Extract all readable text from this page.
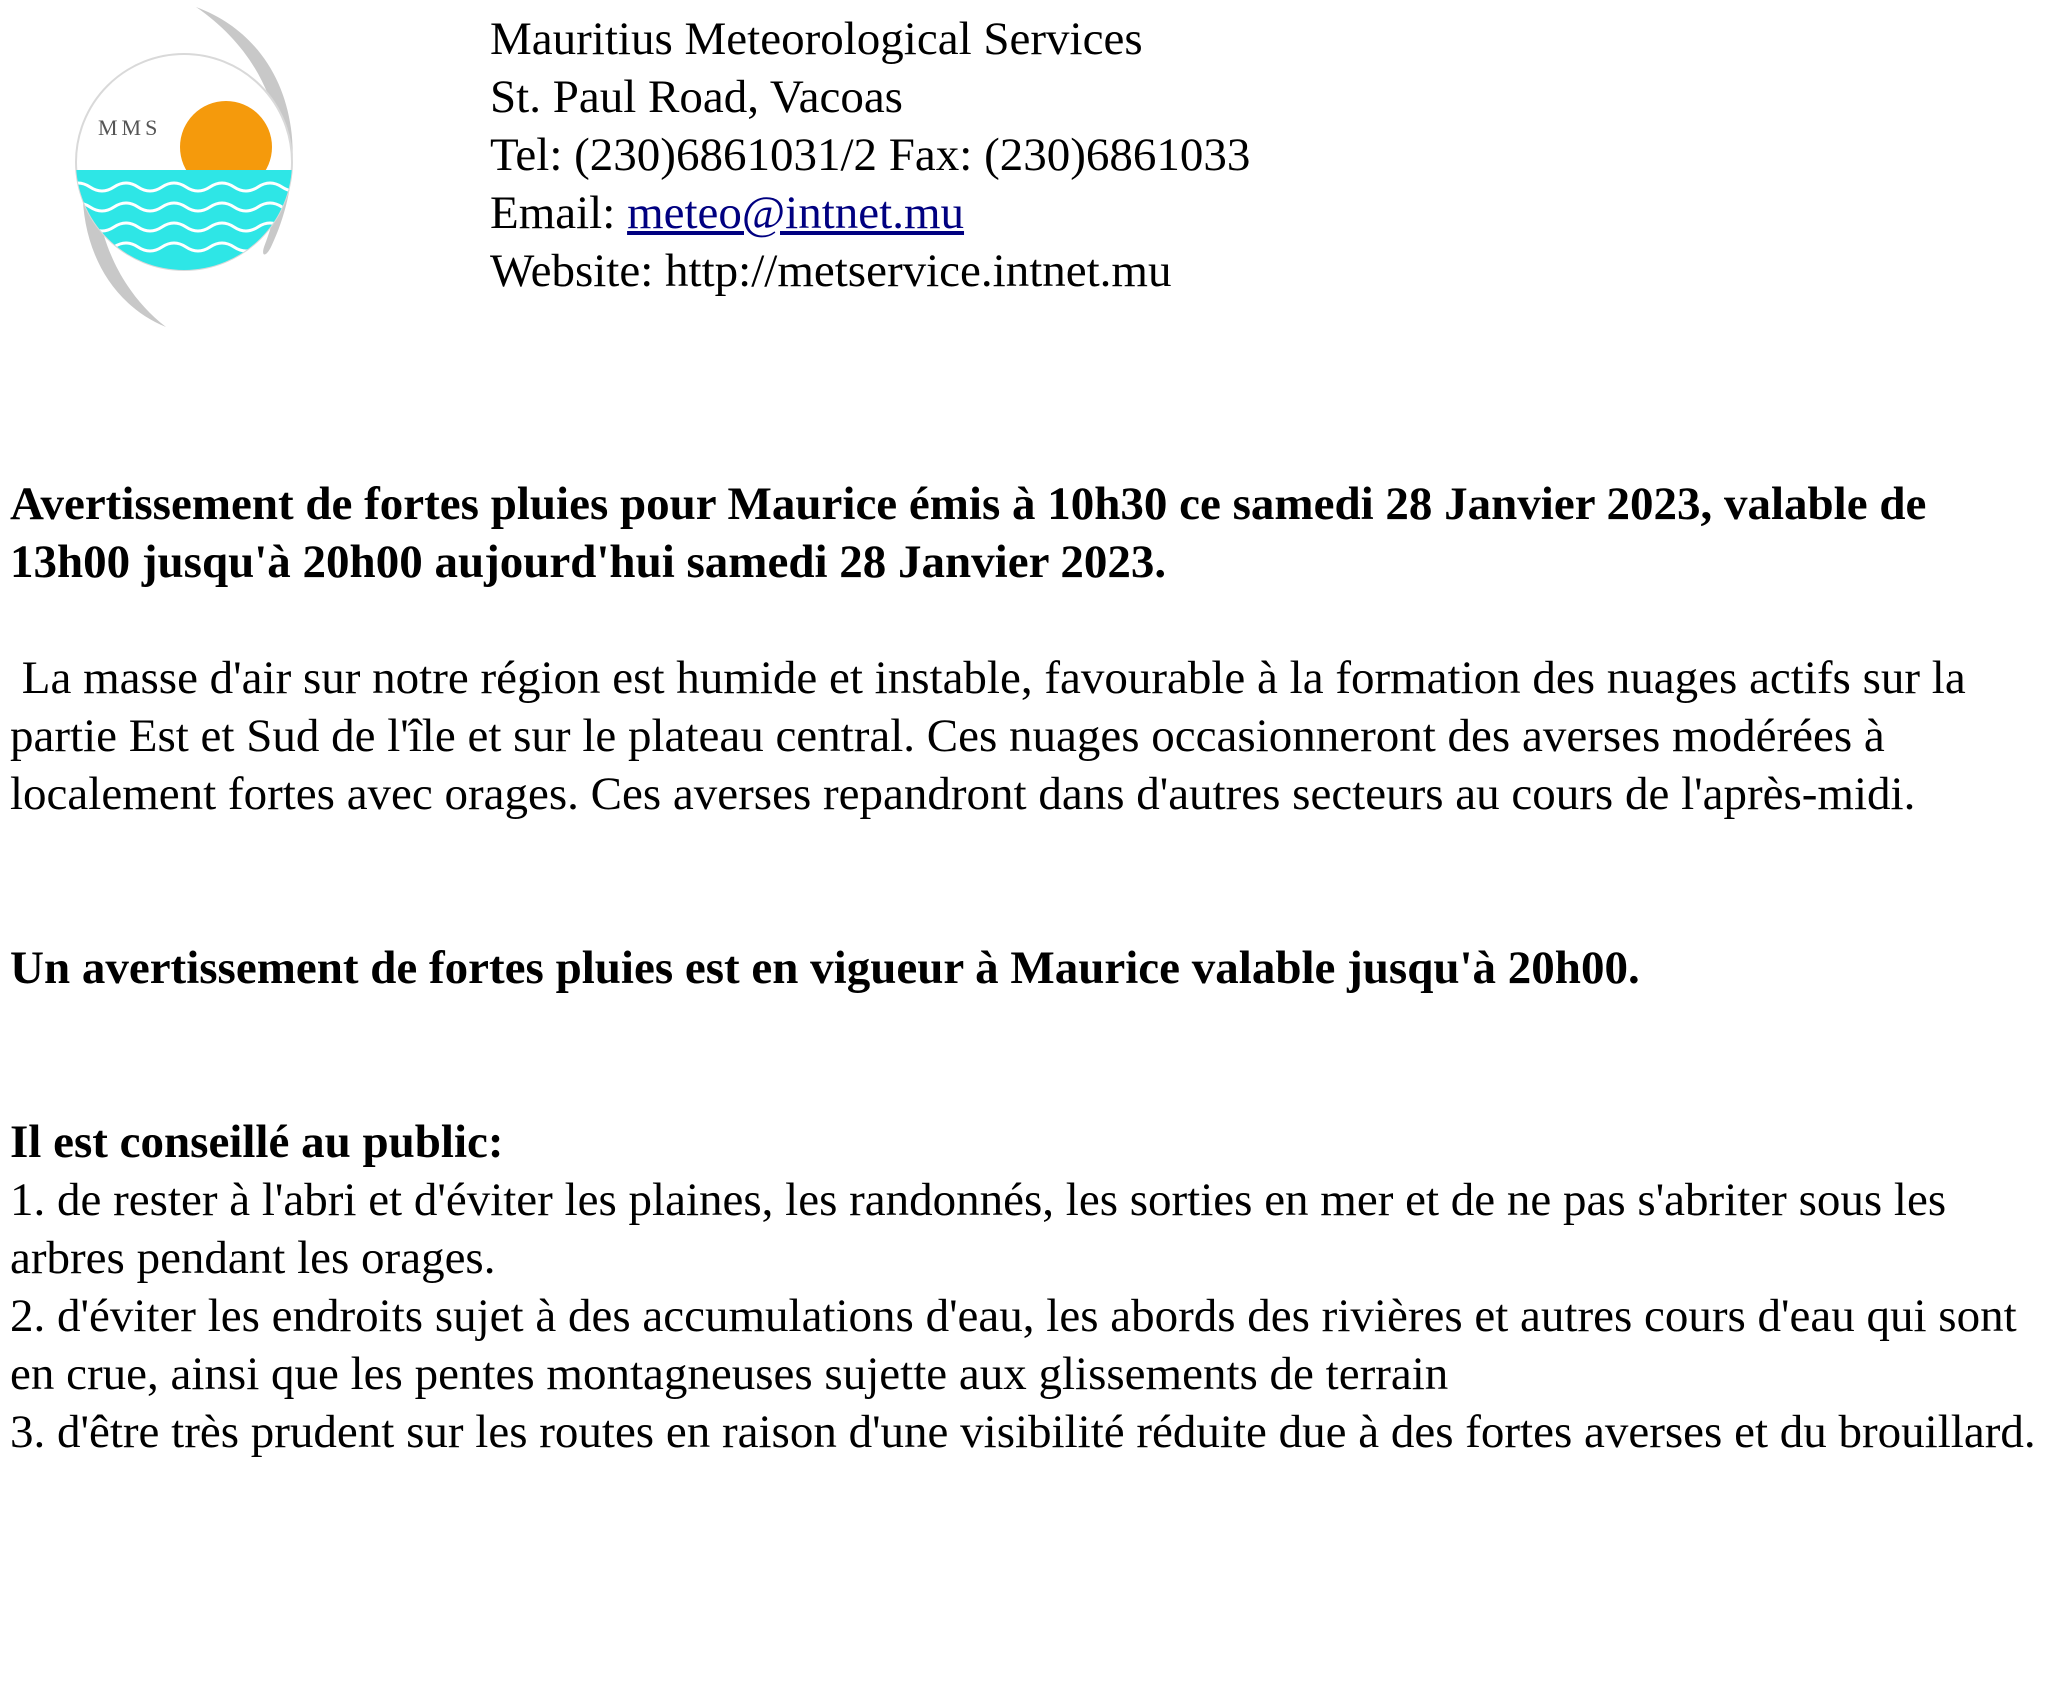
MMS
Mauritius Meteorological Services
St. Paul Road, Vacoas
Tel: (230)6861031/2 Fax: (230)6861033
Email: meteo@intnet.mu
Website: http://metservice.intnet.mu

Avertissement de fortes pluies pour Maurice émis à 10h30 ce samedi 28 Janvier 2023, valable de 13h00 jusqu'à 20h00 aujourd'hui samedi 28 Janvier 2023.

La masse d'air sur notre région est humide et instable, favourable à la formation des nuages actifs sur la partie Est et Sud de l'île et sur le plateau central. Ces nuages occasionneront des averses modérées à localement fortes avec orages. Ces averses repandront dans d'autres secteurs au cours de l'après-midi.

Un avertissement de fortes pluies est en vigueur à Maurice valable jusqu'à 20h00.

Il est conseillé au public:

1. de rester à l'abri et d'éviter les plaines, les randonnés, les sorties en mer et de ne pas s'abriter sous les arbres pendant les orages.

2. d'éviter les endroits sujet à des accumulations d'eau, les abords des rivières et autres cours d'eau qui sont en crue, ainsi que les pentes montagneuses sujette aux glissements de terrain

3. d'être très prudent sur les routes en raison d'une visibilité réduite due à des fortes averses et du brouillard.
